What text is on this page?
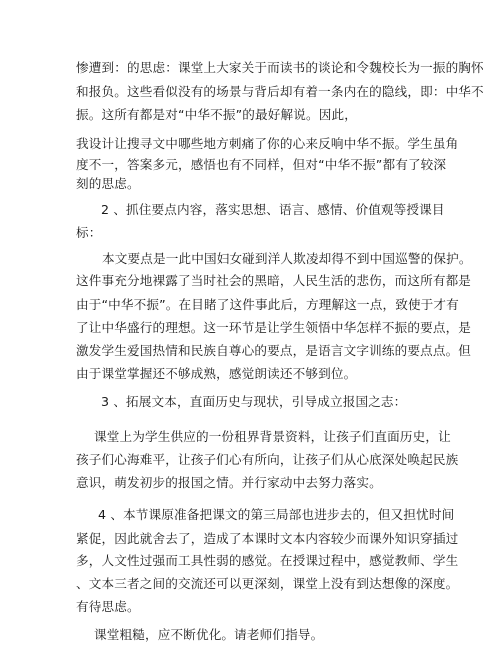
惨遭到：的思虑：课堂上大家关于而读书的谈论和令魏校长为一振的胸怀
和报负。这些看似没有的场景与背后却有着一条内在的隐线，即：中华不
振。这所有都是对“中华不振”的最好解说。因此，
我设计让搜寻文中哪些地方刺痛了你的心来反响中华不振。学生虽角
度不一，答案多元，感悟也有不同样，但对“中华不振”都有了较深
刻的思虑。
2 、抓住要点内容，落实思想、语言、感情、价值观等授课目
标：
本文要点是一此中国妇女碰到洋人欺凌却得不到中国巡警的保护。
这件事充分地裸露了当时社会的黑暗，人民生活的悲伤，而这所有都是
由于“中华不振”。在目睹了这件事此后，方理解这一点，致使于才有
了让中华盛行的理想。这一环节是让学生领悟中华怎样不振的要点，是
激发学生爱国热情和民族自尊心的要点，是语言文字训练的要点点。但
由于课堂掌握还不够成熟，感觉朗读还不够到位。
3 、拓展文本，直面历史与现状，引导成立报国之志：
课堂上为学生供应的一份租界背景资料，让孩子们直面历史，让
孩子们心海难平，让孩子们心有所向，让孩子们从心底深处唤起民族
意识，萌发初步的报国之情。并行家动中去努力落实。
4 、本节课原准备把课文的第三局部也进步去的，但又担忧时间
紧促，因此就舍去了，造成了本课时文本内容较少而课外知识穿插过
多，人文性过强而工具性弱的感觉。在授课过程中，感觉教师、学生
、文本三者之间的交流还可以更深刻，课堂上没有到达想像的深度。
有待思虑。
课堂粗糙，应不断优化。请老师们指导。
